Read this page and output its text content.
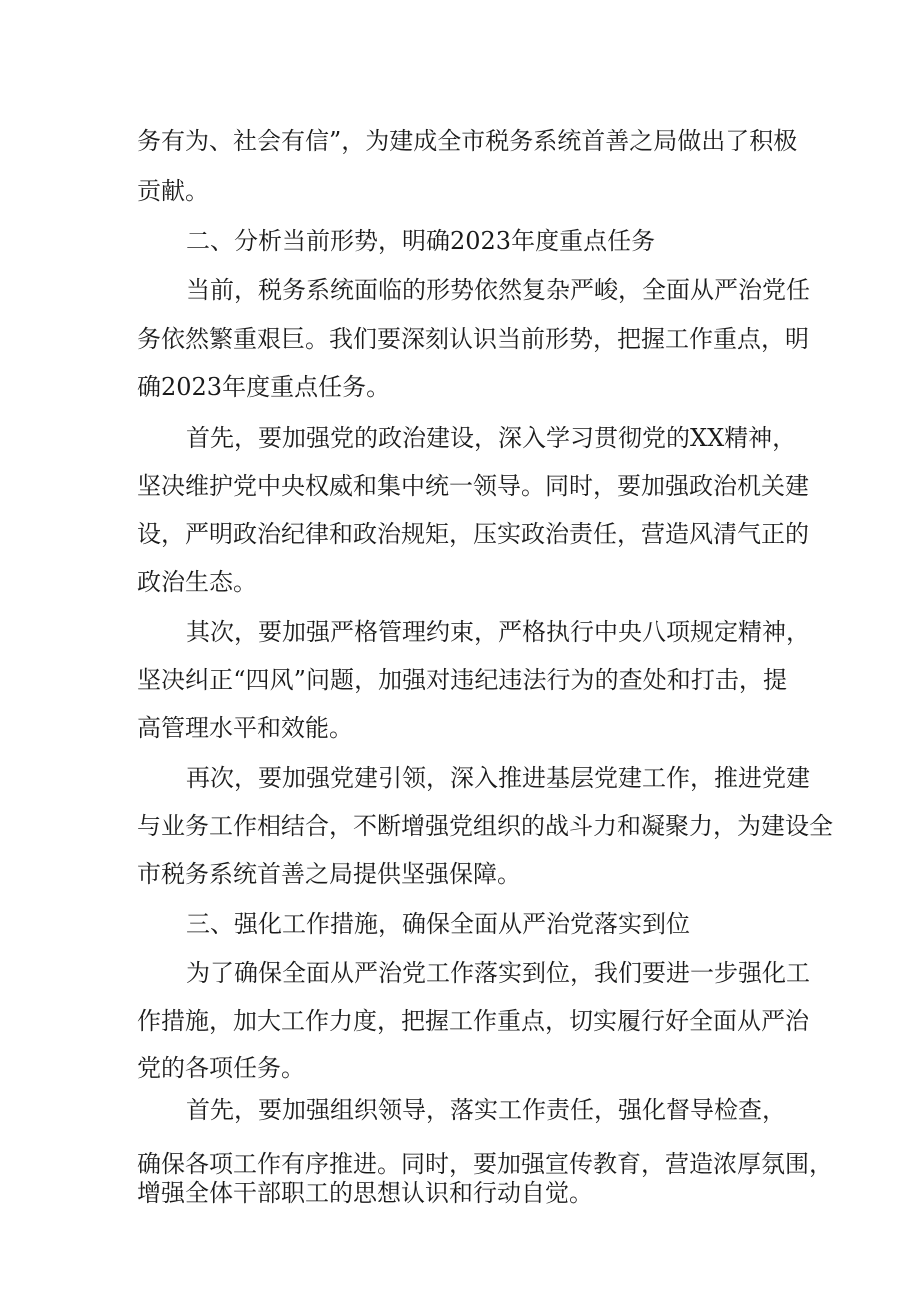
务有为、社会有信”，为建成全市税务系统首善之局做出了积极
贡献。
二、分析当前形势，明确2023年度重点任务
当前，税务系统面临的形势依然复杂严峻，全面从严治党任
务依然繁重艰巨。我们要深刻认识当前形势，把握工作重点，明
确2023年度重点任务。
首先，要加强党的政治建设，深入学习贯彻党的XX精神，
坚决维护党中央权威和集中统一领导。同时，要加强政治机关建
设，严明政治纪律和政治规矩，压实政治责任，营造风清气正的
政治生态。
其次，要加强严格管理约束，严格执行中央八项规定精神，
坚决纠正“四风”问题，加强对违纪违法行为的查处和打击，提
高管理水平和效能。
再次，要加强党建引领，深入推进基层党建工作，推进党建
与业务工作相结合，不断增强党组织的战斗力和凝聚力，为建设全
市税务系统首善之局提供坚强保障。
三、强化工作措施，确保全面从严治党落实到位
为了确保全面从严治党工作落实到位，我们要进一步强化工
作措施，加大工作力度，把握工作重点，切实履行好全面从严治
党的各项任务。
首先，要加强组织领导，落实工作责任，强化督导检查，
确保各项工作有序推进。同时，要加强宣传教育，营造浓厚氛围，
增强全体干部职工的思想认识和行动自觉。
